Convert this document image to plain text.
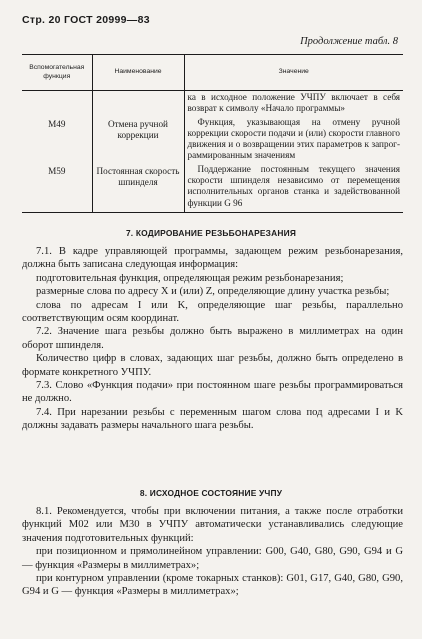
Стр. 20 ГОСТ 20999—83
Продолжение табл. 8
Вспомогательная функция	Наименование	Значение
		ка в исходное положение УЧПУ включает в себя возврат к символу «Начало программы»
M49	Отмена ручной коррекции	Функция, указывающая на отмену ручной коррекции скорости подачи и (или) скорости главного движения и о возвращении этих параметров к запрограммированным значениям
M59	Постоянная скорость шпинделя	Поддержание постоянным текущего значения скорости шпинделя независимо от перемещения исполнительных органов станка и задействованной функции G 96
7. КОДИРОВАНИЕ РЕЗЬБОНАРЕЗАНИЯ

7.1. В кадре управляющей программы, задающем режим резьбонарезания, должна быть записана следующая информация:

подготовительная функция, определяющая режим резьбонарезания;

размерные слова по адресу X и (или) Z, определяющие длину участка резьбы;

слова по адресам I или K, определяющие шаг резьбы, параллельно соответствующим осям координат.

7.2. Значение шага резьбы должно быть выражено в миллиметрах на один оборот шпинделя.

Количество цифр в словах, задающих шаг резьбы, должно быть определено в формате конкретного УЧПУ.

7.3. Слово «Функция подачи» при постоянном шаге резьбы программироваться не должно.

7.4. При нарезании резьбы с переменным шагом слова под адресами I и K должны задавать размеры начального шага резьбы.

8. ИСХОДНОЕ СОСТОЯНИЕ УЧПУ

8.1. Рекомендуется, чтобы при включении питания, а также после отработки функций M02 или M30 в УЧПУ автоматически устанавливались следующие значения подготовительных функций:

при позиционном и прямолинейном управлении: G00, G40, G80, G90, G94 и G — функция «Размеры в миллиметрах»;

при контурном управлении (кроме токарных станков): G01, G17, G40, G80, G90, G94 и G — функция «Размеры в миллиметрах»;
